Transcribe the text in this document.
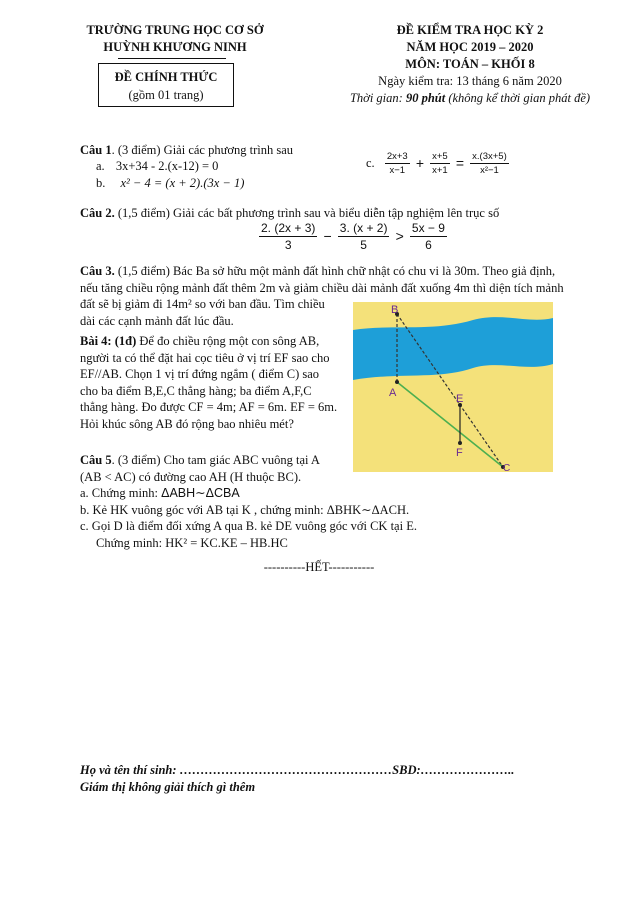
TRƯỜNG TRUNG HỌC CƠ SỞ
HUỲNH KHƯƠNG NINH
ĐỀ CHÍNH THỨC
(gồm 01 trang)
ĐỀ KIỂM TRA HỌC KỲ 2
NĂM HỌC 2019 – 2020
MÔN: TOÁN – KHỐI 8
Ngày kiểm tra: 13 tháng 6 năm 2020
Thời gian: 90 phút (không kể thời gian phát đề)
Câu 1. (3 điểm) Giải các phương trình sau
a. 3x+34 - 2.(x-12) = 0
b. x² − 4 = (x + 2).(3x − 1)
c. $\frac{2x+3}{x-1} + \frac{x+5}{x+1} = \frac{x.(3x+5)}{\text{x²−1}}$
Câu 2. (1,5 điểm) Giải các bất phương trình sau và biểu diễn tập nghiệm lên trục số
$\frac{2. (2x + 3)}{3} - \frac{3. (x + 2)}{5} > \frac{5x - 9}{6}$
Câu 3. (1,5 điểm) Bác Ba sở hữu một mảnh đất hình chữ nhật có chu vi là 30m. Theo giả định,
nếu tăng chiều rộng mảnh đất thêm 2m và giảm chiều dài mảnh đất xuống 4m thì diện tích mảnh
đất sẽ bị giảm đi 14m² so với ban đầu. Tìm chiều
dài các cạnh mảnh đất lúc đầu.
Bài 4: (1đ) Để đo chiều rộng một con sông AB,
người ta có thể đặt hai cọc tiêu ở vị trí EF sao cho
EF//AB. Chọn 1 vị trí đứng ngắm ( điểm C) sao
cho ba điểm B,E,C thẳng hàng; ba điểm A,F,C
thẳng hàng. Đo được CF = 4m; AF = 6m. EF = 6m.
Hỏi khúc sông AB đó rộng bao nhiêu mét?
B
A	E
F
C
Câu 5. (3 điểm) Cho tam giác ABC vuông tại A
(AB < AC) có đường cao AH (H thuộc BC).
a. Chứng minh: ΔABH∼ΔCBA
b. Kẻ HK vuông góc với AB tại K , chứng minh: ΔBHK∼ΔACH.
c. Gọi D là điểm đối xứng A qua B. kẻ DE vuông góc với CK tại E.
Chứng minh: HK² = KC.KE – HB.HC
----------HẾT-----------
Họ và tên thí sinh: ……………………………………………SBD:…………………..
Giám thị không giải thích gì thêm
